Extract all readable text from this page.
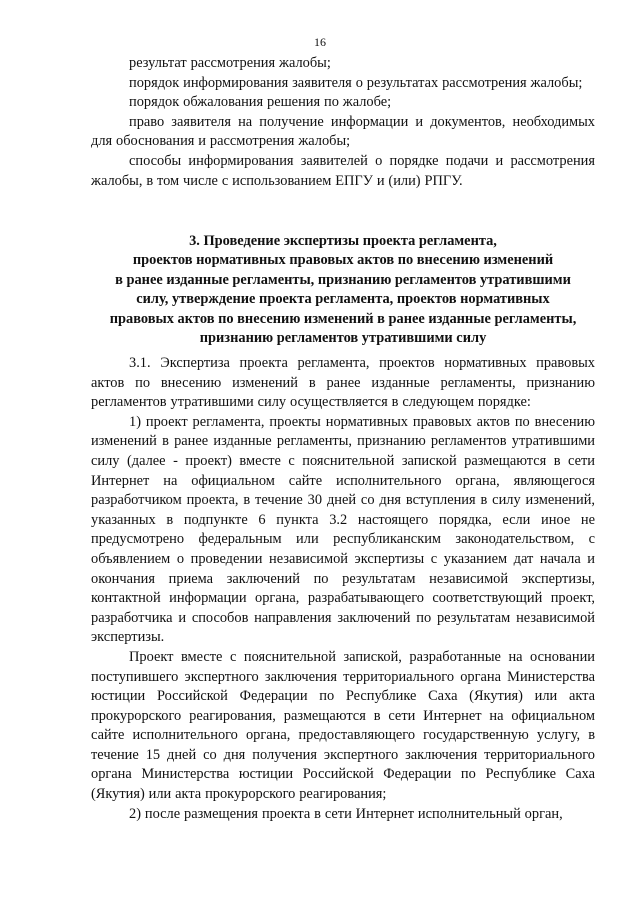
16

результат рассмотрения жалобы;

порядок информирования заявителя о результатах рассмотрения жалобы;

порядок обжалования решения по жалобе;

право заявителя на получение информации и документов, необходимых для обоснования и рассмотрения жалобы;

способы информирования заявителей о порядке подачи и рассмотрения жалобы, в том числе с использованием ЕПГУ и (или) РПГУ.

3. Проведение экспертизы проекта регламента,
проектов нормативных правовых актов по внесению изменений
в ранее изданные регламенты, признанию регламентов утратившими
силу, утверждение проекта регламента, проектов нормативных
правовых актов по внесению изменений в ранее изданные регламенты,
признанию регламентов утратившими силу

3.1. Экспертиза проекта регламента, проектов нормативных правовых актов по внесению изменений в ранее изданные регламенты, признанию регламентов утратившими силу осуществляется в следующем порядке:

1) проект регламента, проекты нормативных правовых актов по внесению изменений в ранее изданные регламенты, признанию регламентов утратившими силу (далее - проект) вместе с пояснительной запиской размещаются в сети Интернет на официальном сайте исполнительного органа, являющегося разработчиком проекта, в течение 30 дней со дня вступления в силу изменений, указанных в подпункте 6 пункта 3.2 настоящего порядка, если иное не предусмотрено федеральным или республиканским законодательством, с объявлением о проведении независимой экспертизы с указанием дат начала и окончания приема заключений по результатам независимой экспертизы, контактной информации органа, разрабатывающего соответствующий проект, разработчика и способов направления заключений по результатам независимой экспертизы.

Проект вместе с пояснительной запиской, разработанные на основании поступившего экспертного заключения территориального органа Министерства юстиции Российской Федерации по Республике Саха (Якутия) или акта прокурорского реагирования, размещаются в сети Интернет на официальном сайте исполнительного органа, предоставляющего государственную услугу, в течение 15 дней со дня получения экспертного заключения территориального органа Министерства юстиции Российской Федерации по Республике Саха (Якутия) или акта прокурорского реагирования;

2) после размещения проекта в сети Интернет исполнительный орган,
